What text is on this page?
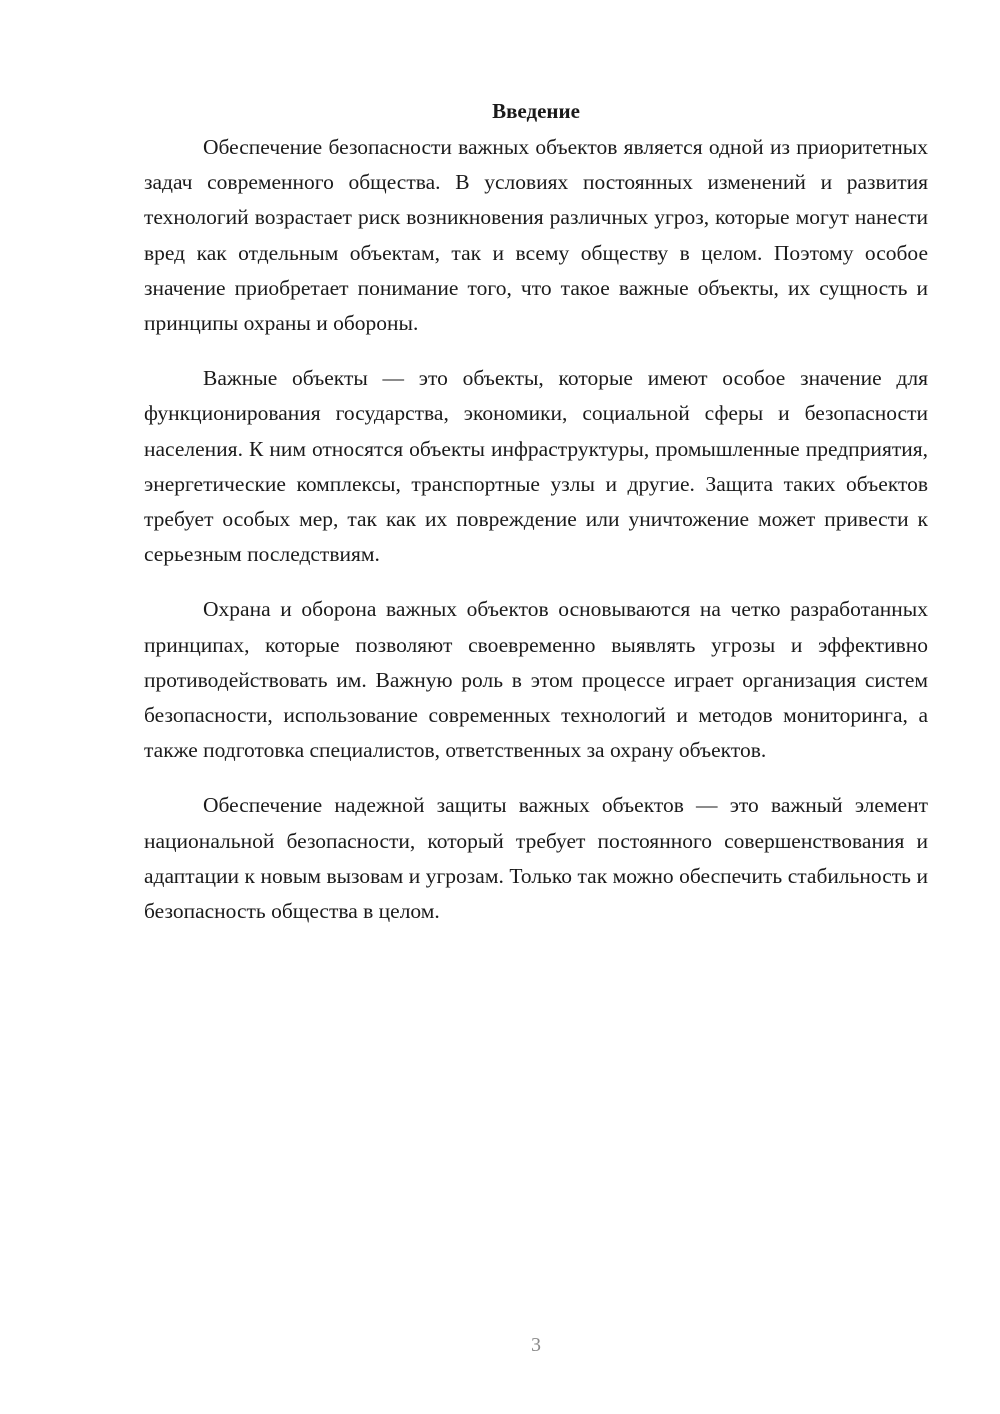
Введение

Обеспечение безопасности важных объектов является одной из приоритетных задач современного общества. В условиях постоянных изменений и развития технологий возрастает риск возникновения различных угроз, которые могут нанести вред как отдельным объектам, так и всему обществу в целом. Поэтому особое значение приобретает понимание того, что такое важные объекты, их сущность и принципы охраны и обороны.

Важные объекты — это объекты, которые имеют особое значение для функционирования государства, экономики, социальной сферы и безопасности населения. К ним относятся объекты инфраструктуры, промышленные предприятия, энергетические комплексы, транспортные узлы и другие. Защита таких объектов требует особых мер, так как их повреждение или уничтожение может привести к серьезным последствиям.

Охрана и оборона важных объектов основываются на четко разработанных принципах, которые позволяют своевременно выявлять угрозы и эффективно противодействовать им. Важную роль в этом процессе играет организация систем безопасности, использование современных технологий и методов мониторинга, а также подготовка специалистов, ответственных за охрану объектов.

Обеспечение надежной защиты важных объектов — это важный элемент национальной безопасности, который требует постоянного совершенствования и адаптации к новым вызовам и угрозам. Только так можно обеспечить стабильность и безопасность общества в целом.

3
